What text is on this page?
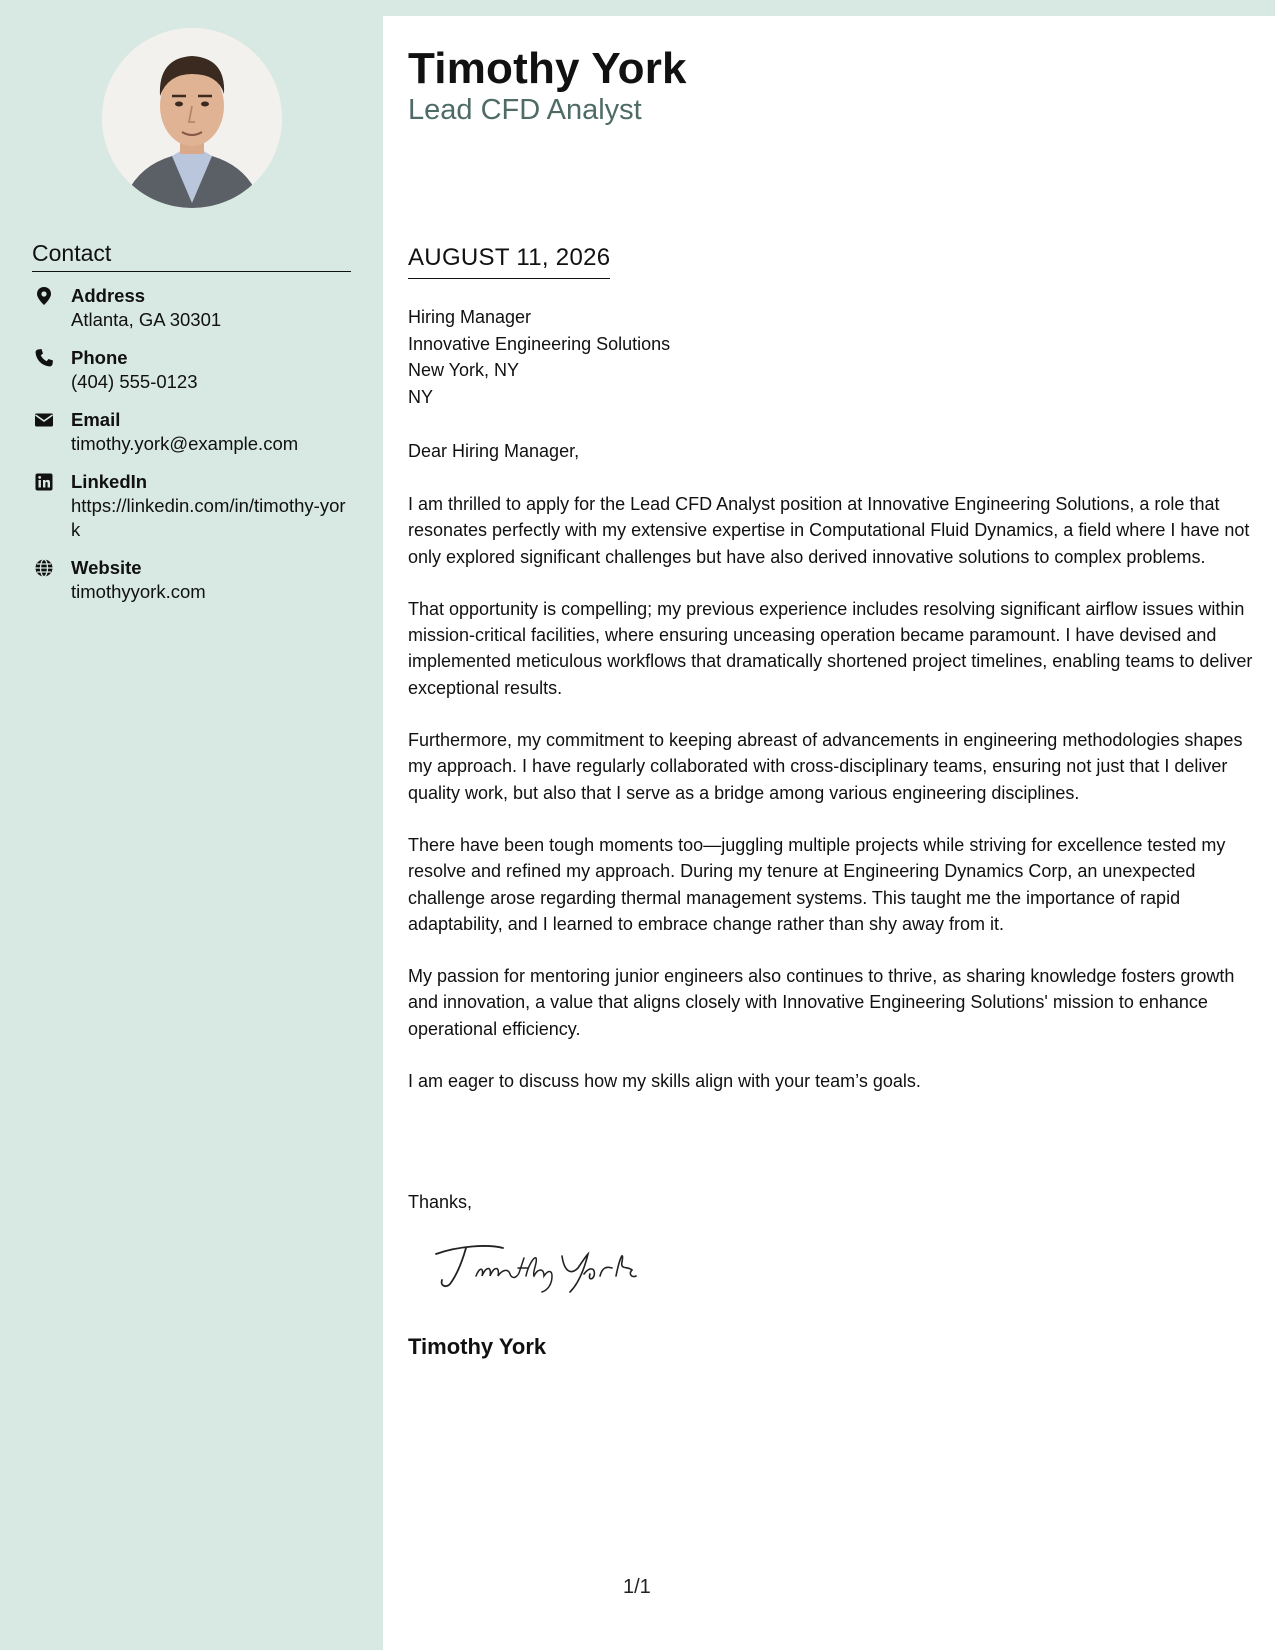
Contact
Address
Atlanta, GA 30301
Phone
(404) 555-0123
Email
timothy.york@example.com
LinkedIn
https://linkedin.com/in/timothy-york
Website
timothyyork.com
Timothy York
Lead CFD Analyst
AUGUST 11, 2026
Hiring Manager
Innovative Engineering Solutions
New York, NY
NY
Dear Hiring Manager,

I am thrilled to apply for the Lead CFD Analyst position at Innovative Engineering Solutions, a role that resonates perfectly with my extensive expertise in Computational Fluid Dynamics, a field where I have not only explored significant challenges but have also derived innovative solutions to complex problems.

That opportunity is compelling; my previous experience includes resolving significant airflow issues within mission-critical facilities, where ensuring unceasing operation became paramount. I have devised and implemented meticulous workflows that dramatically shortened project timelines, enabling teams to deliver exceptional results.

Furthermore, my commitment to keeping abreast of advancements in engineering methodologies shapes my approach. I have regularly collaborated with cross-disciplinary teams, ensuring not just that I deliver quality work, but also that I serve as a bridge among various engineering disciplines.

There have been tough moments too—juggling multiple projects while striving for excellence tested my resolve and refined my approach. During my tenure at Engineering Dynamics Corp, an unexpected challenge arose regarding thermal management systems. This taught me the importance of rapid adaptability, and I learned to embrace change rather than shy away from it.

My passion for mentoring junior engineers also continues to thrive, as sharing knowledge fosters growth and innovation, a value that aligns closely with Innovative Engineering Solutions' mission to enhance operational efficiency.

I am eager to discuss how my skills align with your team’s goals.

Thanks,
Timothy York
1/1
